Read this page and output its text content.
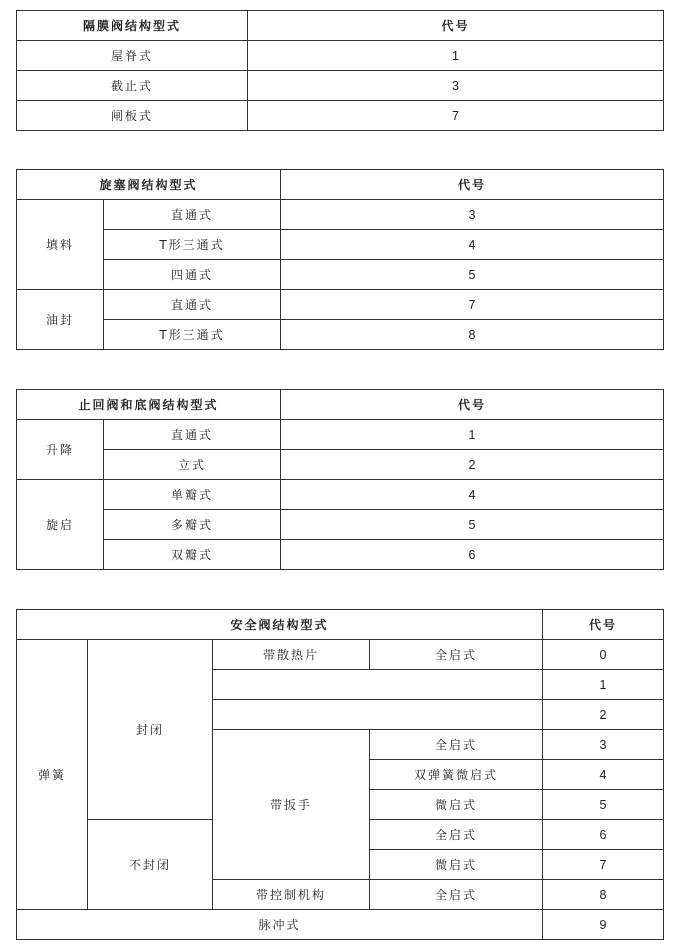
隔膜阀结构型式	代号
屋脊式	1
截止式	3
闸板式	7
旋塞阀结构型式		代号
填料	直通式	3
	T形三通式	4
	四通式	5
油封	直通式	7
	T形三通式	8
止回阀和底阀结构型式		代号
升降	直通式	1
	立式	2
旋启	单瓣式	4
	多瓣式	5
	双瓣式	6
安全阀结构型式				代号
弹簧	封闭	带散热片	全启式	0
				1
				2
		带扳手	全启式	3
			双弹簧微启式	4
			微启式	5
	不封闭		全启式	6
			微启式	7
		带控制机构	全启式	8
脉冲式				9
